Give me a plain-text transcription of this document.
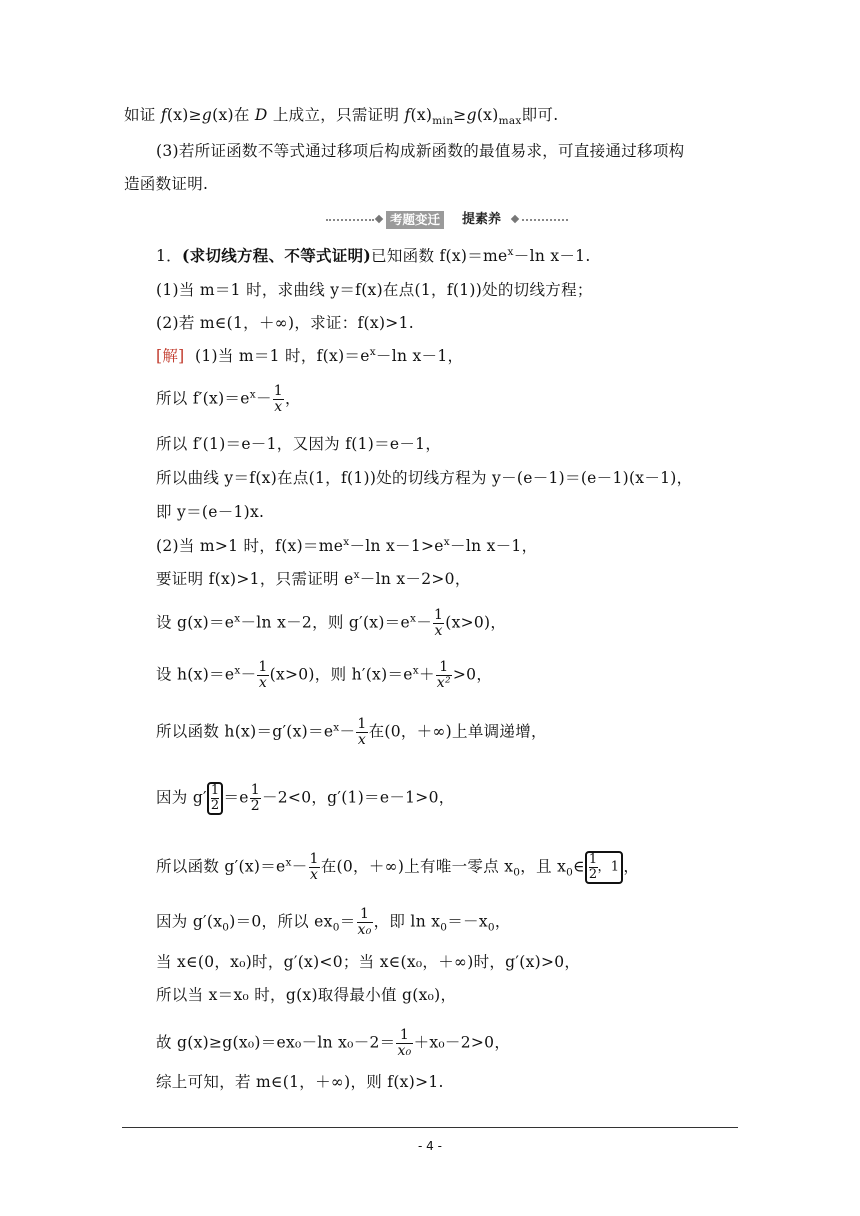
如证 f(x)≥g(x)在 D 上成立，只需证明 $f(x)_{min}\ge g(x)_{max}$即可.
(3)若所证函数不等式通过移项后构成新函数的最值易求，可直接通过移项构
造函数证明.
考题变迁	提素养
1．(求切线方程、不等式证明)已知函数 $f(x)=me^x-\ln$ x－1.
(1)当 m＝1 时，求曲线 y＝f(x)在点(1，f(1))处的切线方程；
(2)若 m∈(1，＋∞)，求证：f(x)>1.
[解] (1)当 m＝1 时，$f(x)=e^x-\ln$ x－1，
所以 $f'(x)=e^x- \frac{1}{x}$ ，
所以 f′(1)＝e－1，又因为 f(1)＝e－1，
所以曲线 y＝f(x)在点(1，f(1))处的切线方程为 y－(e－1)＝(e－1)(x－1)，
即 y＝(e－1)x.
(2)当 m>1 时，$f(x)=me^x-\ln$ $x-1>e^x-\ln$ x－1，
要证明 f(x)>1，只需证明 $e^x-\ln$ x－2>0，
设 $g(x)=e^x-\ln$ x－2，则 $g'(x)=e^x- \frac{1}{x} (x>0)$，
设 $h(x)=e^x- \frac{1}{x} (x>0)$，则 $h'(x)=e^x+ \frac{1}{\text{x²}} >0$，
所以函数 $h(x)=g'(x)=e^x- \frac{1}{x}$ 在(0，＋∞)上单调递增，
因为 $g' \frac{1}{2} =e \frac{1}{2} -2<0$，g′(1)＝e－1>0，
所以函数 $g'(x)=e^x- \frac{1}{x}$ 在(0，＋∞)上有唯一零点 $x_0$，且 $x_0\in \frac{1}{2}$ ，1 ，
因为 $g'(x_0)=0$，所以 $ex_0= \frac{1}{\text{x₀}}$ ，即 $\ln x_0=-x_0$，
当 x∈(0，x₀)时，g′(x)<0；当 x∈(x₀，＋∞)时，g′(x)>0，
所以当 x＝x₀ 时，g(x)取得最小值 g(x₀)，
故 g(x)≥g(x₀)＝ex₀－ln $x_0-2= \frac{1}{\text{x₀}} +x_0-2>0$，
综上可知，若 m∈(1，＋∞)，则 f(x)>1.
- 4 -
